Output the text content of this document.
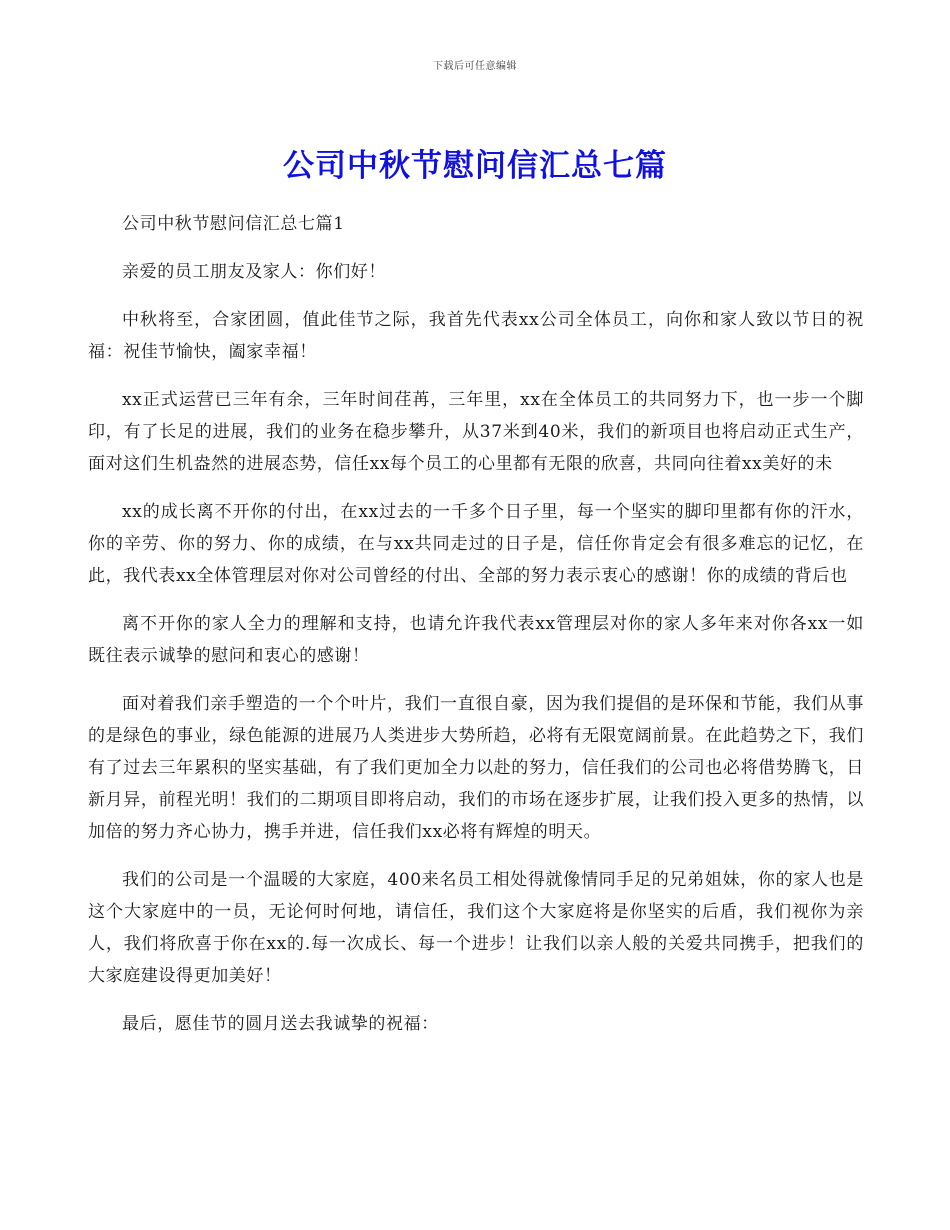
下载后可任意编辑
公司中秋节慰问信汇总七篇

公司中秋节慰问信汇总七篇1

亲爱的员工朋友及家人：你们好！

中秋将至，合家团圆，值此佳节之际，我首先代表xx公司全体员工，向你和家人致以节日的祝福：祝佳节愉快，阖家幸福！

xx正式运营已三年有余，三年时间荏苒，三年里，xx在全体员工的共同努力下，也一步一个脚印，有了长足的进展，我们的业务在稳步攀升，从37米到40米，我们的新项目也将启动正式生产，面对这们生机盎然的进展态势，信任xx每个员工的心里都有无限的欣喜，共同向往着xx美好的未

xx的成长离不开你的付出，在xx过去的一千多个日子里，每一个坚实的脚印里都有你的汗水，你的辛劳、你的努力、你的成绩，在与xx共同走过的日子是，信任你肯定会有很多难忘的记忆，在此，我代表xx全体管理层对你对公司曾经的付出、全部的努力表示衷心的感谢！你的成绩的背后也

离不开你的家人全力的理解和支持，也请允许我代表xx管理层对你的家人多年来对你各xx一如既往表示诚挚的慰问和衷心的感谢！

面对着我们亲手塑造的一个个叶片，我们一直很自豪，因为我们提倡的是环保和节能，我们从事的是绿色的事业，绿色能源的进展乃人类进步大势所趋，必将有无限宽阔前景。在此趋势之下，我们有了过去三年累积的坚实基础，有了我们更加全力以赴的努力，信任我们的公司也必将借势腾飞，日新月异，前程光明！我们的二期项目即将启动，我们的市场在逐步扩展，让我们投入更多的热情，以加倍的努力齐心协力，携手并进，信任我们xx必将有辉煌的明天。

我们的公司是一个温暖的大家庭，400来名员工相处得就像情同手足的兄弟姐妹，你的家人也是这个大家庭中的一员，无论何时何地，请信任，我们这个大家庭将是你坚实的后盾，我们视你为亲人，我们将欣喜于你在xx的.每一次成长、每一个进步！让我们以亲人般的关爱共同携手，把我们的大家庭建设得更加美好！

最后，愿佳节的圆月送去我诚挚的祝福：
